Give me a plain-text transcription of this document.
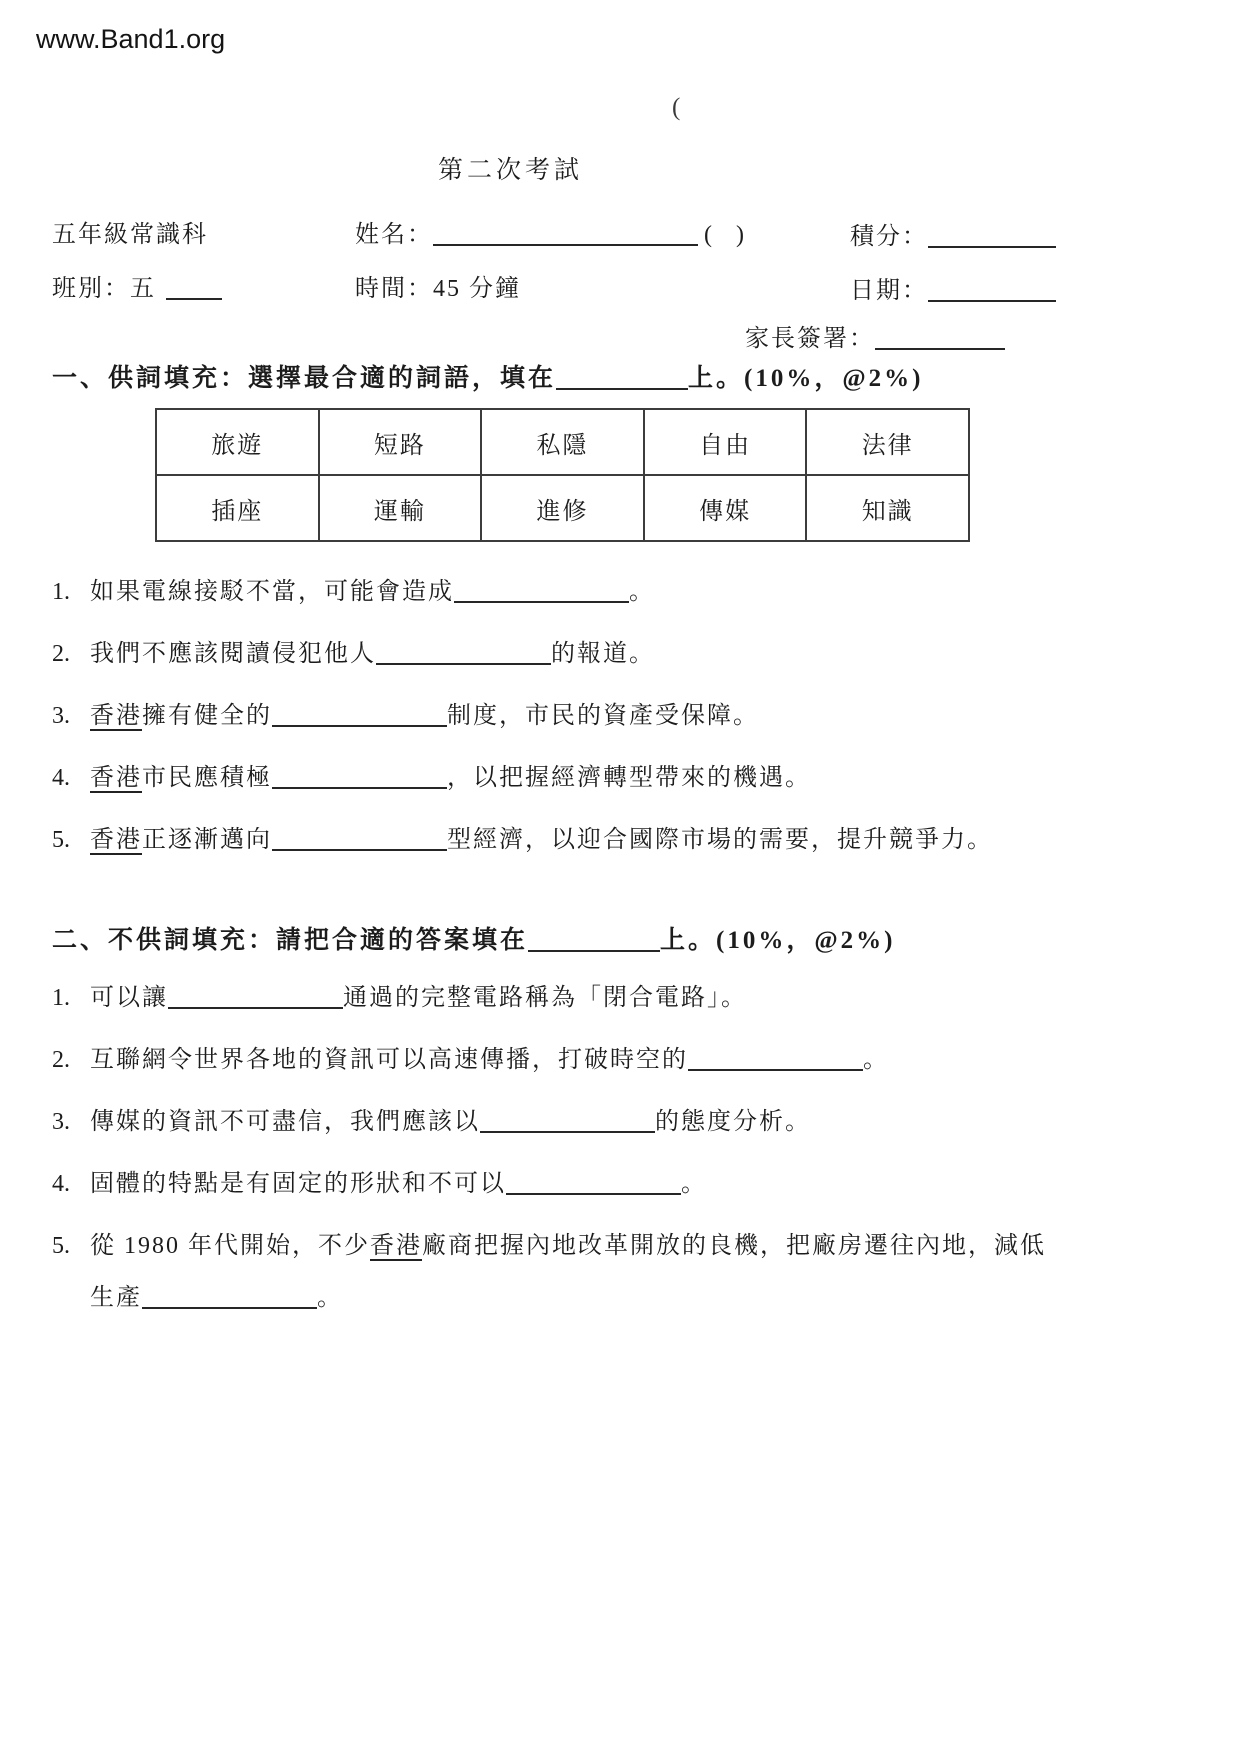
www.Band1.org
(
第二次考試
五年級常識科	姓名：	(　)	積分：
班別：五	時間：45 分鐘	日期：
家長簽署：
一、供詞填充：選擇最合適的詞語，填在	上。(10%，@2%)
旅遊	短路	私隱	自由	法律
插座	運輸	進修	傳媒	知識
1. 如果電線接駁不當，可能會造成	。
2. 我們不應該閱讀侵犯他人	的報道。
3. 香港擁有健全的	制度，市民的資產受保障。
4. 香港市民應積極	，以把握經濟轉型帶來的機遇。
5. 香港正逐漸邁向	型經濟，以迎合國際市場的需要，提升競爭力。
二、不供詞填充：請把合適的答案填在	上。(10%，@2%)
1. 可以讓	通過的完整電路稱為「閉合電路」。
2. 互聯網令世界各地的資訊可以高速傳播，打破時空的	。
3. 傳媒的資訊不可盡信，我們應該以	的態度分析。
4. 固體的特點是有固定的形狀和不可以	。
5. 從 1980 年代開始，不少香港廠商把握內地改革開放的良機，把廠房遷往內地，減低
生產	。
